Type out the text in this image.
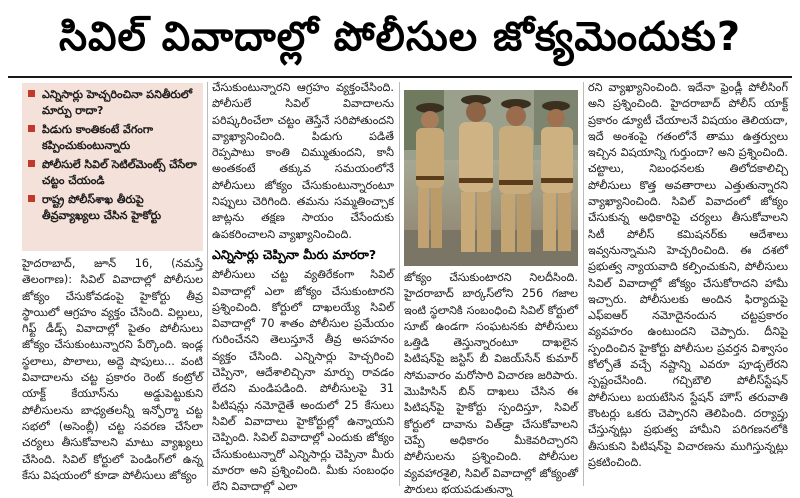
సివిల్ వివాదాల్లో పోలీసుల జోక్యమెందుకు?
ఎన్నిసార్లు హెచ్చరించినా పనితీరులో మార్పు రాదా?
పిడుగు కాంతికంటే వేగంగా కప్పించుకుంటున్నారు
పోలీసులే సివిల్ సెటిల్‌మెంట్స్ చేసేలా చట్టం చేయండి
రాష్ట్ర పోలీస్‌శాఖ తీరుపై తీవ్రవ్యాఖ్యలు చేసిన హైకోర్టు

హైదరాబాద్, జూన్ 16, (నమస్తే తెలంగాణ): సివిల్ వివాదాల్లో పోలీసుల జోక్యం చేసుకోవడంపై హైకోర్టు తీవ్ర స్థాయిలో ఆగ్రహం వ్యక్తం చేసింది. విల్లులు, గిఫ్ట్ డీడ్స్ వివాదాల్లో పైతం పోలీసులు జోక్యం చేసుకుంటున్నారని పేర్కొంది. ఇండ్ల స్థలాలు, పొలాలు, అద్దె షాపులు... వంటి వివాదాలను చట్ట ప్రకారం రెంట్ కంట్రోల్ యాక్ట్ కేయూస్‌ను అడ్డుపెట్టుకుని పోలీసులను బాధ్యతలన్నీ ఇన్ఫోర్మా చట్ట సభలో (అసెంబ్లీ) చట్ట సవరణ చేసేలా చర్యలు తీసుకోవాలని మాటు వ్యాఖ్యలు చేసింది. సివిల్ కోర్టులో పెండింగ్‌లో ఉన్న కేసు విషయంలో కూడా పోలీసులు జోక్యం

చేసుకుంటున్నారని ఆగ్రహం వ్యక్తంచేసింది. పోలీసులే సివిల్ వివాదాలను పరిష్కరించేలా చట్టం తెస్తేనే సరిపోతుందని వ్యాఖ్యానించింది. పిడుగు పడితే రెప్పపాటు కాంతి చిమ్ముతుందని, కానీ అంతకంటే తక్కువ సమయంలోనే పోలీసులు జోక్యం చేసుకుంటున్నారంటూ నిప్పులు చెరిగింది. తమను సమ్మతించ్చాక జాట్లను తక్షణ సాయం చేసేందుకు ఉపకరించాలని వ్యాఖ్యానించింది.

ఎన్నిసార్లు చెప్పినా మీరు మారరా?

పోలీసులు చట్ట వ్యతిరేకంగా సివిల్ వివాదాల్లో ఎలా జోక్యం చేసుకుంటారని ప్రశ్నించింది. కోర్టులో దాఖలయ్యే సివిల్ వివాదాల్లో 70 శాతం పోలీసుల ప్రమేయం గురించేనని తెలుస్తూనే తీవ్ర అసహనం వ్యక్తం చేసింది. ఎన్నిసార్లు హెచ్చరించి చెప్పినా, ఆదేశాలిచ్చినా మార్పు రావడం లేదని మండిపడింది. పోలీసులపై 31 పిటిషన్లు నమోదైతే అందులో 25 కేసులు సివిల్ వివాదాలు హైకోర్టుల్లో ఉన్నాయని చెప్పింది. సివిల్ వివాదాల్లో ఎందుకు జోక్యం చేసుకుంటున్నారో ఎన్నిసార్లు చెప్పినా మీరు మారరా అని ప్రశ్నించింది. మీకు సంబంధం లేని వివాదాల్లో ఎలా

జోక్యం చేసుకుంటారని నిలదీసింది. హైదరాబాద్ బార్కస్‌లోని 256 గజాల ఇంటి స్థలానికి సంబంధించి సివిల్ కోర్టులో సూట్ ఉండగా సంఘటనకు పోలీసులు ఒత్తిడి తెస్తున్నారంటూ దాఖలైన పిటిషన్‌పై జస్టిస్ బీ విజయ్‌సేన్ కుమార్ సోమవారం మరోసారి విచారణ జరిపారు. మొహిసిన్ బిన్ దాఖలు చేసిన ఈ పిటిషన్‌పై హైకోర్టు స్పందిస్తూ, సివిల్ కోర్టులో దావాను విత్‌డ్రా చేసుకోవాలని చెప్పే అధికారం మీకెవరిచ్చారని పోలీసులను ప్రశ్నించింది. పోలీసుల వ్యవహారశైలి, సివిల్ వివాదాల్లో జోక్యంతో పౌరులు భయపడుతున్నా

రని వ్యాఖ్యానించింది. ఇదేనా ఫ్రెండ్లీ పోలీసింగ్ అని ప్రశ్నించింది. హైదరాబాద్ పోలీస్ యాక్ట్ ప్రకారం డ్యూటీ చేయాలనే విషయం తెలియదా, ఇదే అంశంపై గతంలోనే తాము ఉత్తర్వులు ఇచ్చిన విషయాన్ని గుర్తుందా? అని ప్రశ్నించింది. చట్టాలు, నిబంధనలకు తిలోదకాలిచ్చి పోలీసులు కొత్త అవతారాలు ఎత్తుతున్నారని వ్యాఖ్యానించింది. సివిల్ వివాదంలో జోక్యం చేసుకున్న అధికారిపై చర్యలు తీసుకోవాలని సిటీ పోలీస్ కమిషనర్‌కు ఆదేశాలు ఇవ్వనున్నామని హెచ్చరించింది. ఈ దశలో ప్రభుత్వ న్యాయవాది కల్పించుకుని, పోలీసులు సివిల్ వివాదాల్లో జోక్యం చేసుకోరాదని హామీ ఇచ్చారు. పోలీసులకు అందిన ఫిర్యాదుపై ఎఫ్ఐఆర్ నమోదైనందున చట్టప్రకారం వ్యవహరం ఉంటుందని చెప్పారు. దీనిపై స్పందించిన హైకోర్టు పోలీసుల ప్రవర్తన విశ్వాసం కోల్పోతే వచ్చే నష్టాన్ని ఎవరూ పూడ్చలేరని స్పష్టంచేసింది. గచ్చిబౌలి పోలీస్‌స్టేషన్ పోలీసులు బయటేసిన స్టేషన్ హౌస్ తరువాతి కౌంటర్లు ఒకరు చెప్పారని తెలిపింది. దర్యాప్తు చేస్తున్నట్లు ప్రభుత్వ హామీని పరిగణనలోకి తీసుకుని పిటిషన్‌పై విచారణను ముగిస్తున్నట్లు ప్రకటించింది.
